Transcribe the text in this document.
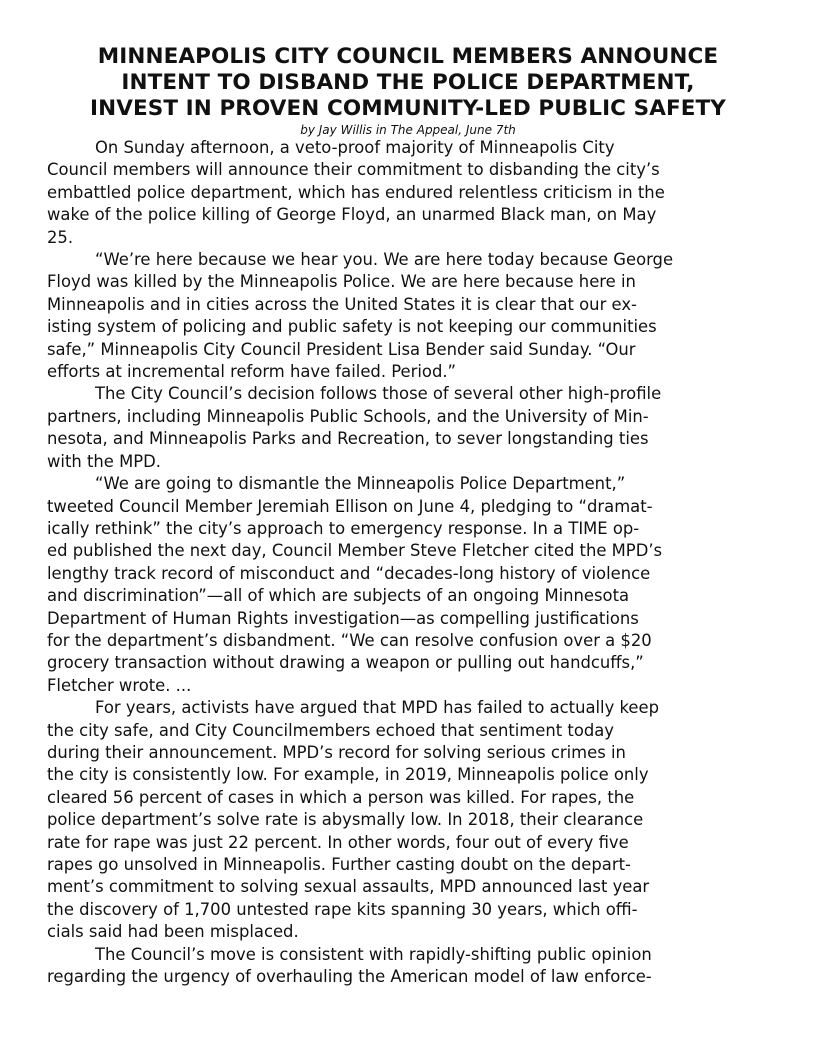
MINNEAPOLIS CITY COUNCIL MEMBERS ANNOUNCE
INTENT TO DISBAND THE POLICE DEPARTMENT,
INVEST IN PROVEN COMMUNITY-LED PUBLIC SAFETY
by Jay Willis in The Appeal, June 7th

On Sunday afternoon, a veto-proof majority of Minneapolis City
Council members will announce their commitment to disbanding the city’s
embattled police department, which has endured relentless criticism in the
wake of the police killing of George Floyd, an unarmed Black man, on May
25.

“We’re here because we hear you. We are here today because George
Floyd was killed by the Minneapolis Police. We are here because here in
Minneapolis and in cities across the United States it is clear that our ex-
isting system of policing and public safety is not keeping our communities
safe,” Minneapolis City Council President Lisa Bender said Sunday. “Our
efforts at incremental reform have failed. Period.”

The City Council’s decision follows those of several other high-profile
partners, including Minneapolis Public Schools, and the University of Min-
nesota, and Minneapolis Parks and Recreation, to sever longstanding ties
with the MPD.

“We are going to dismantle the Minneapolis Police Department,”
tweeted Council Member Jeremiah Ellison on June 4, pledging to “dramat-
ically rethink” the city’s approach to emergency response. In a TIME op-
ed published the next day, Council Member Steve Fletcher cited the MPD’s
lengthy track record of misconduct and “decades-long history of violence
and discrimination”—all of which are subjects of an ongoing Minnesota
Department of Human Rights investigation—as compelling justifications
for the department’s disbandment. “We can resolve confusion over a $20
grocery transaction without drawing a weapon or pulling out handcuffs,”
Fletcher wrote. ...

For years, activists have argued that MPD has failed to actually keep
the city safe, and City Councilmembers echoed that sentiment today
during their announcement. MPD’s record for solving serious crimes in
the city is consistently low. For example, in 2019, Minneapolis police only
cleared 56 percent of cases in which a person was killed. For rapes, the
police department’s solve rate is abysmally low. In 2018, their clearance
rate for rape was just 22 percent. In other words, four out of every five
rapes go unsolved in Minneapolis. Further casting doubt on the depart-
ment’s commitment to solving sexual assaults, MPD announced last year
the discovery of 1,700 untested rape kits spanning 30 years, which offi-
cials said had been misplaced.

The Council’s move is consistent with rapidly-shifting public opinion
regarding the urgency of overhauling the American model of law enforce-
